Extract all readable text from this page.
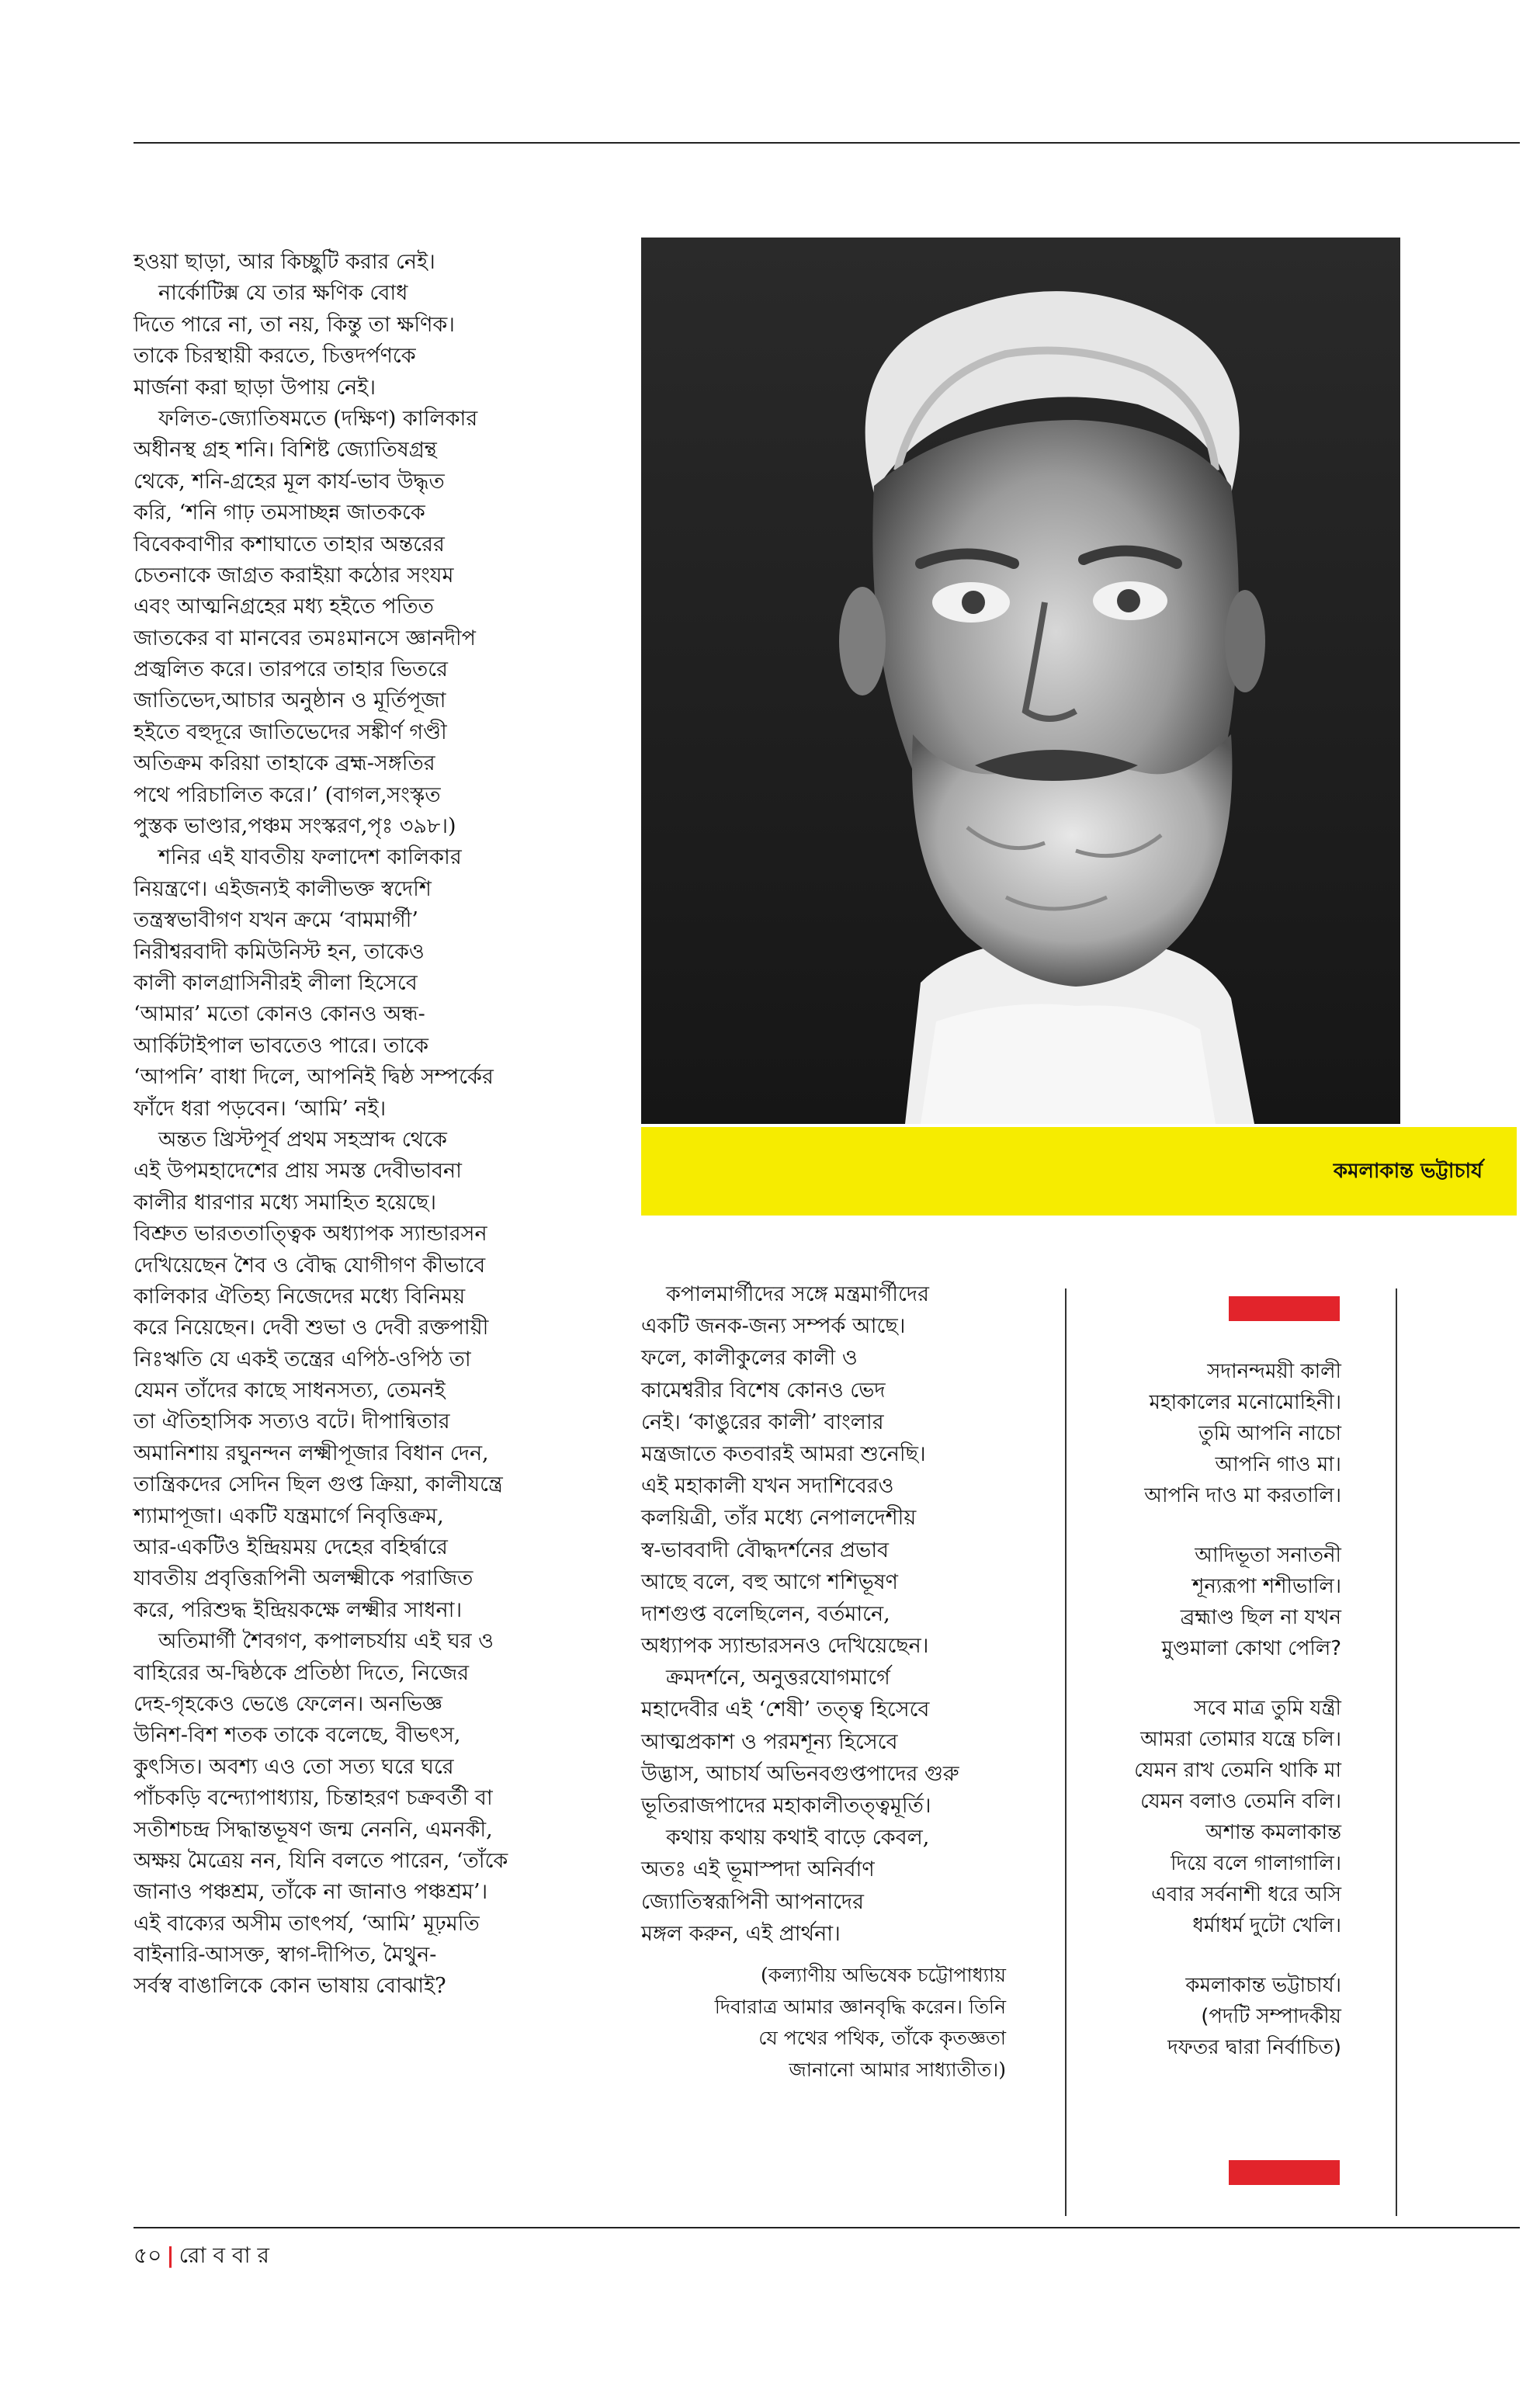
হওয়া ছাড়া, আর কিচ্ছুটি করার নেই।
নার্কোটিক্স যে তার ক্ষণিক বোধ
দিতে পারে না, তা নয়, কিন্তু তা ক্ষণিক।
তাকে চিরস্থায়ী করতে, চিত্তদর্পণকে
মার্জনা করা ছাড়া উপায় নেই।
ফলিত-জ্যোতিষমতে (দক্ষিণ) কালিকার
অধীনস্থ গ্রহ শনি। বিশিষ্ট জ্যোতিষগ্রন্থ
থেকে, শনি-গ্রহের মূল কার্য-ভাব উদ্ধৃত
করি, ‘শনি গাঢ় তমসাচ্ছন্ন জাতককে
বিবেকবাণীর কশাঘাতে তাহার অন্তরের
চেতনাকে জাগ্রত করাইয়া কঠোর সংযম
এবং আত্মনিগ্রহের মধ্য হইতে পতিত
জাতকের বা মানবের তমঃমানসে জ্ঞানদীপ
প্রজ্বলিত করে। তারপরে তাহার ভিতরে
জাতিভেদ,আচার অনুষ্ঠান ও মূর্তিপূজা
হইতে বহুদূরে জাতিভেদের সঙ্কীর্ণ গণ্ডী
অতিক্রম করিয়া তাহাকে ব্রহ্ম-সঙ্গতির
পথে পরিচালিত করে।’ (বাগল,সংস্কৃত
পুস্তক ভাণ্ডার,পঞ্চম সংস্করণ,পৃঃ ৩৯৮।)
শনির এই যাবতীয় ফলাদেশ কালিকার
নিয়ন্ত্রণে। এইজন্যই কালীভক্ত স্বদেশি
তন্ত্রস্বভাবীগণ যখন ক্রমে ‘বামমার্গী’
নিরীশ্বরবাদী কমিউনিস্ট হন, তাকেও
কালী কালগ্রাসিনীরই লীলা হিসেবে
‘আমার’ মতো কোনও কোনও অন্ধ-
আর্কিটাইপাল ভাবতেও পারে। তাকে
‘আপনি’ বাধা দিলে, আপনিই দ্বিষ্ঠ সম্পর্কের
ফাঁদে ধরা পড়বেন। ‘আমি’ নই।
অন্তত খ্রিস্টপূর্ব প্রথম সহস্রাব্দ থেকে
এই উপমহাদেশের প্রায় সমস্ত দেবীভাবনা
কালীর ধারণার মধ্যে সমাহিত হয়েছে।
বিশ্রুত ভারততাত্ত্বিক অধ্যাপক স্যান্ডারসন
দেখিয়েছেন শৈব ও বৌদ্ধ যোগীগণ কীভাবে
কালিকার ঐতিহ্য নিজেদের মধ্যে বিনিময়
করে নিয়েছেন। দেবী শুভা ও দেবী রক্তপায়ী
নিঃঋতি যে একই তন্ত্রের এপিঠ-ওপিঠ তা
যেমন তাঁদের কাছে সাধনসত্য, তেমনই
তা ঐতিহাসিক সত্যও বটে। দীপান্বিতার
অমানিশায় রঘুনন্দন লক্ষ্মীপূজার বিধান দেন,
তান্ত্রিকদের সেদিন ছিল গুপ্ত ক্রিয়া, কালীযন্ত্রে
শ্যামাপূজা। একটি যন্ত্রমার্গে নিবৃত্তিক্রম,
আর-একটিও ইন্দ্রিয়ময় দেহের বহির্দ্বারে
যাবতীয় প্রবৃত্তিরূপিনী অলক্ষ্মীকে পরাজিত
করে, পরিশুদ্ধ ইন্দ্রিয়কক্ষে লক্ষ্মীর সাধনা।
অতিমার্গী শৈবগণ, কপালচর্যায় এই ঘর ও
বাহিরের অ-দ্বিষ্ঠকে প্রতিষ্ঠা দিতে, নিজের
দেহ-গৃহকেও ভেঙে ফেলেন। অনভিজ্ঞ
উনিশ-বিশ শতক তাকে বলেছে, বীভৎস,
কুৎসিত। অবশ্য এও তো সত্য ঘরে ঘরে
পাঁচকড়ি বন্দ্যোপাধ্যায়, চিন্তাহরণ চক্রবর্তী বা
সতীশচন্দ্র সিদ্ধান্তভূষণ জন্ম নেননি, এমনকী,
অক্ষয় মৈত্রেয় নন, যিনি বলতে পারেন, ‘তাঁকে
জানাও পঞ্চশ্রম, তাঁকে না জানাও পঞ্চশ্রম’।
এই বাক্যের অসীম তাৎপর্য, ‘আমি’ মূঢ়মতি
বাইনারি-আসক্ত, স্বাগ-দীপিত, মৈথুন-
সর্বস্ব বাঙালিকে কোন ভাষায় বোঝাই?
কমলাকান্ত ভট্টাচার্য
কপালমার্গীদের সঙ্গে মন্ত্রমার্গীদের
একটি জনক-জন্য সম্পর্ক আছে।
ফলে, কালীকুলের কালী ও
কামেশ্বরীর বিশেষ কোনও ভেদ
নেই। ‘কাঙুরের কালী’ বাংলার
মন্ত্রজাতে কতবারই আমরা শুনেছি।
এই মহাকালী যখন সদাশিবেরও
কলয়িত্রী, তাঁর মধ্যে নেপালদেশীয়
স্ব-ভাববাদী বৌদ্ধদর্শনের প্রভাব
আছে বলে, বহু আগে শশিভূষণ
দাশগুপ্ত বলেছিলেন, বর্তমানে,
অধ্যাপক স্যান্ডারসনও দেখিয়েছেন।
ক্রমদর্শনে, অনুত্তরযোগমার্গে
মহাদেবীর এই ‘শেষী’ তত্ত্ব হিসেবে
আত্মপ্রকাশ ও পরমশূন্য হিসেবে
উদ্ভাস, আচার্য অভিনবগুপ্তপাদের গুরু
ভূতিরাজপাদের মহাকালীতত্ত্বমূর্তি।
কথায় কথায় কথাই বাড়ে কেবল,
অতঃ এই ভূমাস্পদা অনির্বাণ
জ্যোতিস্বরূপিনী আপনাদের
মঙ্গল করুন, এই প্রার্থনা।
(কল্যাণীয় অভিষেক চট্টোপাধ্যায়
দিবারাত্র আমার জ্ঞানবৃদ্ধি করেন। তিনি
যে পথের পথিক, তাঁকে কৃতজ্ঞতা
জানানো আমার সাধ্যাতীত।)
সদানন্দময়ী কালী
মহাকালের মনোমোহিনী।
তুমি আপনি নাচো
আপনি গাও মা।
আপনি দাও মা করতালি।
আদিভূতা সনাতনী
শূন্যরূপা শশীভালি।
ব্রহ্মাণ্ড ছিল না যখন
মুণ্ডমালা কোথা পেলি?
সবে মাত্র তুমি যন্ত্রী
আমরা তোমার যন্ত্রে চলি।
যেমন রাখ তেমনি থাকি মা
যেমন বলাও তেমনি বলি।
অশান্ত কমলাকান্ত
দিয়ে বলে গালাগালি।
এবার সর্বনাশী ধরে অসি
ধর্মাধর্ম দুটো খেলি।
কমলাকান্ত ভট্টাচার্য।
(পদটি সম্পাদকীয়
দফতর দ্বারা নির্বাচিত)
৫০ | রো ব বা র
